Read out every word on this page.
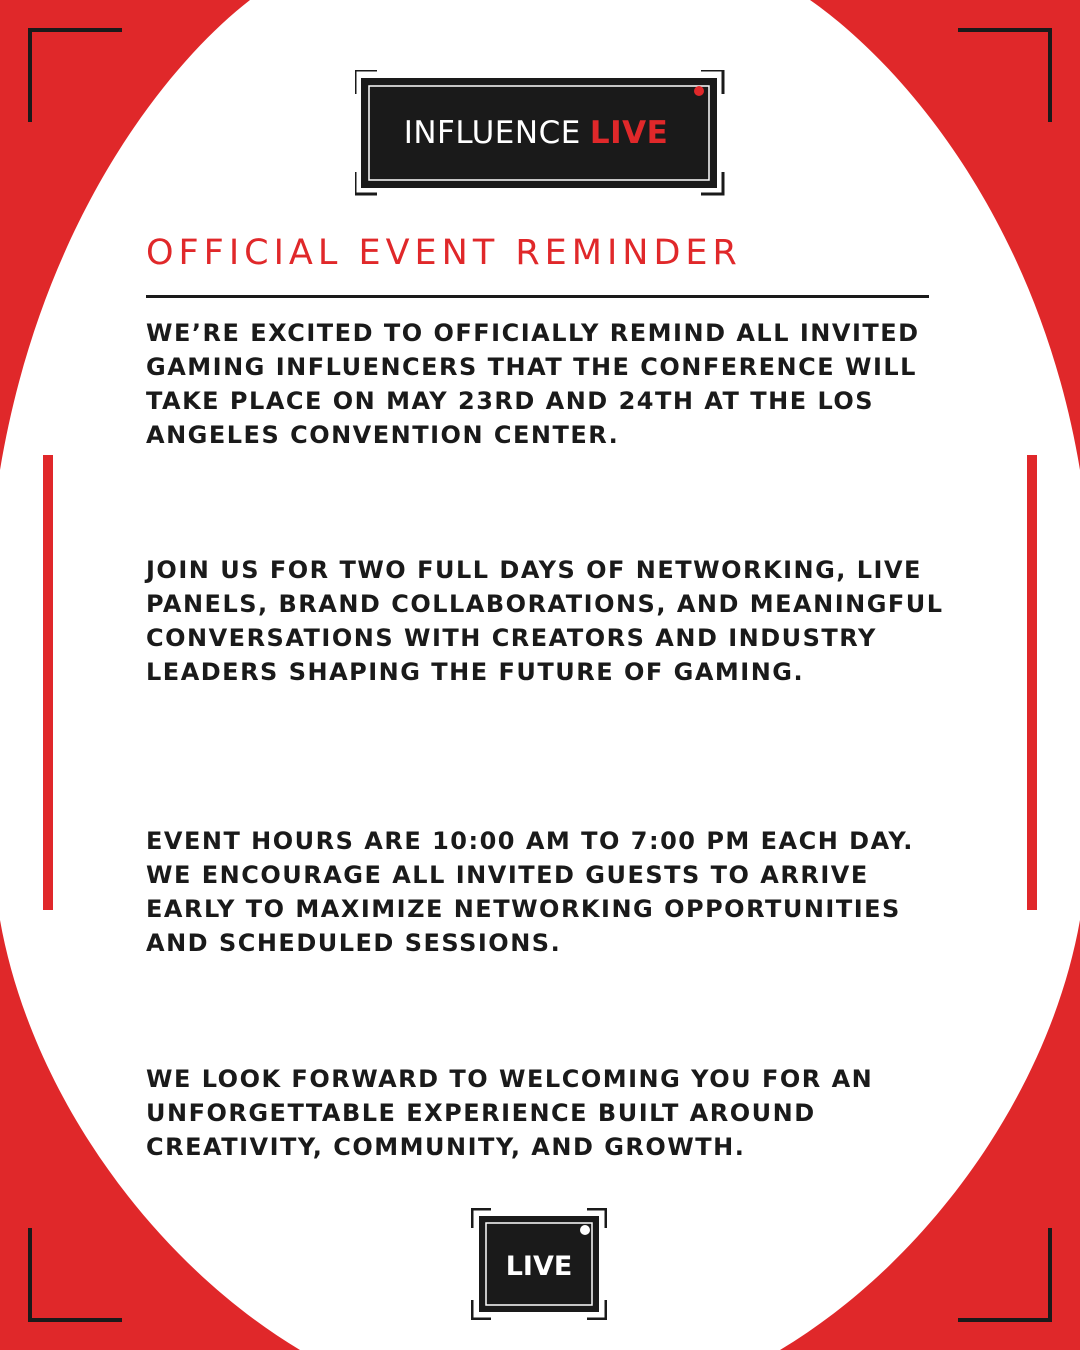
INFLUENCE LIVE
OFFICIAL EVENT REMINDER

WE’RE EXCITED TO OFFICIALLY REMIND ALL INVITED GAMING INFLUENCERS THAT THE CONFERENCE WILL TAKE PLACE ON MAY 23RD AND 24TH AT THE LOS ANGELES CONVENTION CENTER.

JOIN US FOR TWO FULL DAYS OF NETWORKING, LIVE PANELS, BRAND COLLABORATIONS, AND MEANINGFUL CONVERSATIONS WITH CREATORS AND INDUSTRY LEADERS SHAPING THE FUTURE OF GAMING.

EVENT HOURS ARE 10:00 AM TO 7:00 PM EACH DAY. WE ENCOURAGE ALL INVITED GUESTS TO ARRIVE EARLY TO MAXIMIZE NETWORKING OPPORTUNITIES AND SCHEDULED SESSIONS.

WE LOOK FORWARD TO WELCOMING YOU FOR AN UNFORGETTABLE EXPERIENCE BUILT AROUND CREATIVITY, COMMUNITY, AND GROWTH.

LIVE
